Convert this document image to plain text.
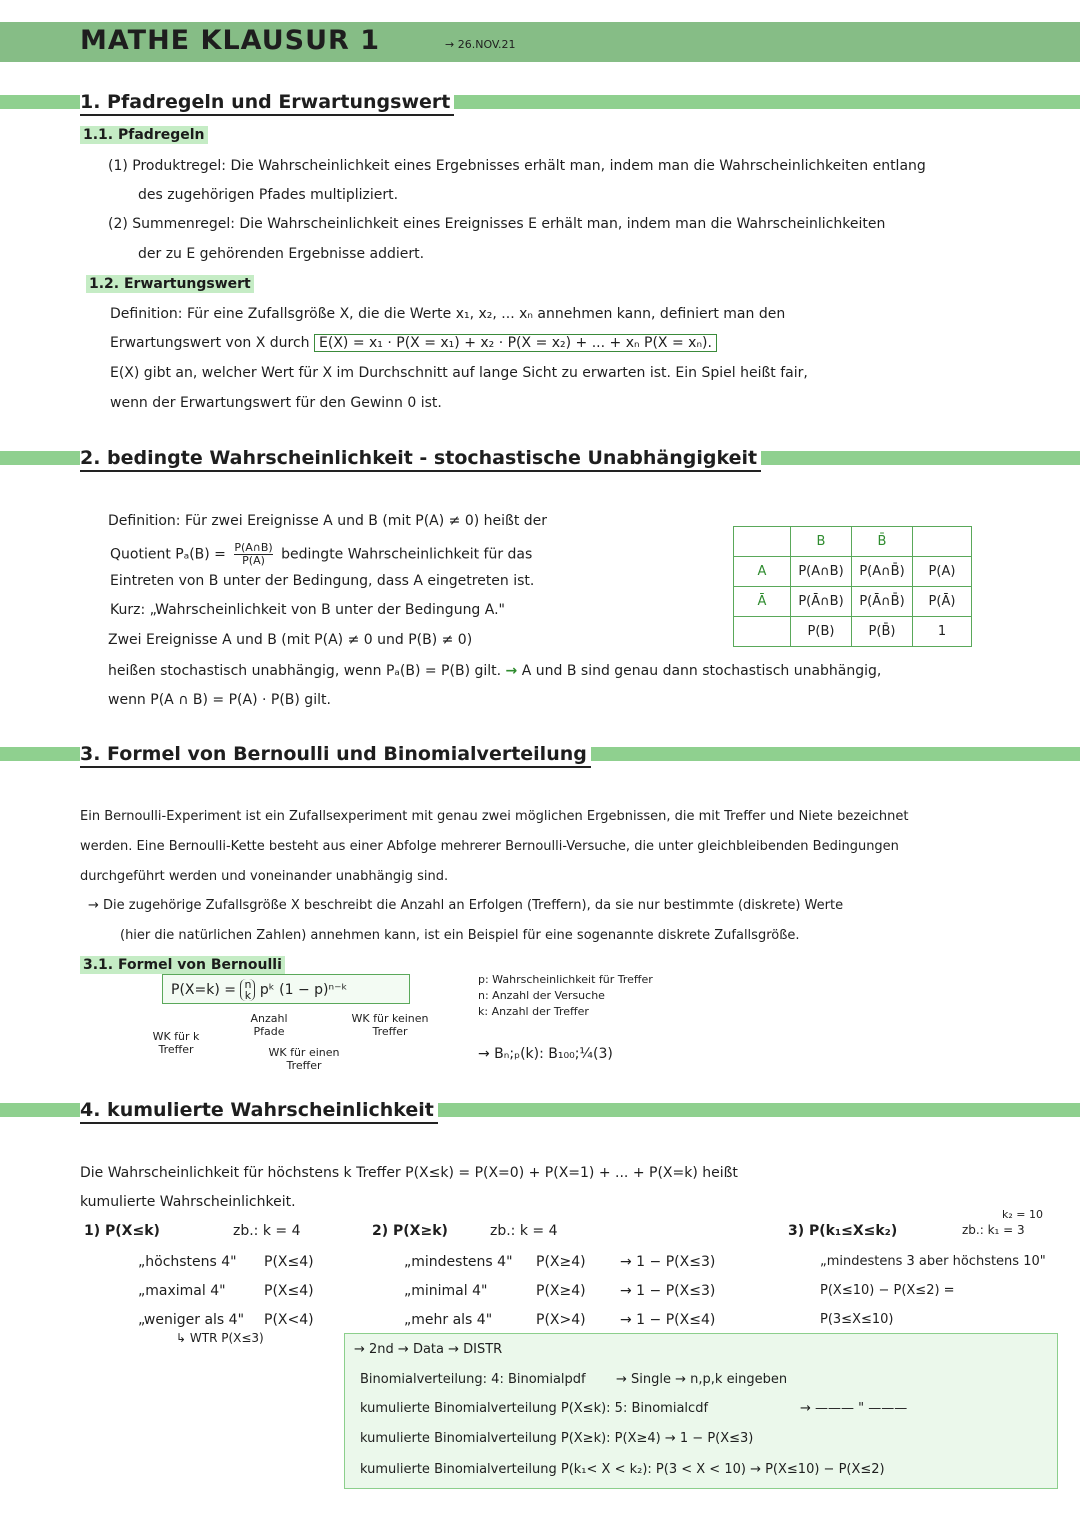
MATHE KLAUSUR 1	→ 26.NOV.21
1. Pfadregeln und Erwartungswert
1.1. Pfadregeln
(1) Produktregel: Die Wahrscheinlichkeit eines Ergebnisses erhält man, indem man die Wahrscheinlichkeiten entlang
des zugehörigen Pfades multipliziert.
(2) Summenregel: Die Wahrscheinlichkeit eines Ereignisses E erhält man, indem man die Wahrscheinlichkeiten
der zu E gehörenden Ergebnisse addiert.
1.2. Erwartungswert
Definition: Für eine Zufallsgröße X, die die Werte x₁, x₂, ... xₙ annehmen kann, definiert man den
Erwartungswert von X durch E(X) = x₁ · P(X = x₁) + x₂ · P(X = x₂) + ... + xₙ P(X = xₙ).
E(X) gibt an, welcher Wert für X im Durchschnitt auf lange Sicht zu erwarten ist. Ein Spiel heißt fair,
wenn der Erwartungswert für den Gewinn 0 ist.
2. bedingte Wahrscheinlichkeit - stochastische Unabhängigkeit
Definition: Für zwei Ereignisse A und B (mit P(A) ≠ 0) heißt der
Quotient $P_a(B) = \frac{P(A\cap B)}{P(A)}$ bedingte Wahrscheinlichkeit für das
Eintreten von B unter der Bedingung, dass A eingetreten ist.
Kurz: „Wahrscheinlichkeit von B unter der Bedingung A."
Zwei Ereignisse A und B (mit P(A) ≠ 0 und P(B) ≠ 0)
heißen stochastisch unabhängig, wenn Pₐ(B) = P(B) gilt. → A und B sind genau dann stochastisch unabhängig,
wenn P(A ∩ B) = P(A) · P(B) gilt.
	B	B̄	
A	P(A∩B)	P(A∩B̄)	P(A)
Ā	P(Ā∩B)	P(Ā∩B̄)	P(Ā)
	P(B)	P(B̄)	1
3. Formel von Bernoulli und Binomialverteilung
Ein Bernoulli-Experiment ist ein Zufallsexperiment mit genau zwei möglichen Ergebnissen, die mit Treffer und Niete bezeichnet
werden. Eine Bernoulli-Kette besteht aus einer Abfolge mehrerer Bernoulli-Versuche, die unter gleichbleibenden Bedingungen
durchgeführt werden und voneinander unabhängig sind.
→ Die zugehörige Zufallsgröße X beschreibt die Anzahl an Erfolgen (Treffern), da sie nur bestimmte (diskrete) Werte
(hier die natürlichen Zahlen) annehmen kann, ist ein Beispiel für eine sogenannte diskrete Zufallsgröße.
3.1. Formel von Bernoulli
P(X=k) = n
k pᵏ (1 − p)ⁿ⁻ᵏ
Anzahl Pfade
WK für keinen Treffer
WK für k Treffer	WK für einen Treffer
p: Wahrscheinlichkeit für Treffer
n: Anzahl der Versuche
k: Anzahl der Treffer
→ Bₙ;ₚ(k): B₁₀₀;¼(3)
4. kumulierte Wahrscheinlichkeit
Die Wahrscheinlichkeit für höchstens k Treffer P(X≤k) = P(X=0) + P(X=1) + ... + P(X=k) heißt
kumulierte Wahrscheinlichkeit.
1) P(X≤k)	zb.: k = 4
„höchstens 4" P(X≤4)
„maximal 4"	P(X≤4)
„weniger als 4" P(X<4)
↳ WTR P(X≤3)
2) P(X≥k)	zb.: k = 4
„mindestens 4" P(X≥4) → 1 − P(X≤3)
„minimal 4"	P(X≥4) → 1 − P(X≤3)
„mehr als 4"	P(X>4) → 1 − P(X≤4)
3) P(k₁≤X≤k₂)
k₂ = 10
zb.: k₁ = 3
„mindestens 3 aber höchstens 10"
P(X≤10) − P(X≤2) =
P(3≤X≤10)
→ 2nd → Data → DISTR
Binomialverteilung: 4: Binomialpdf → Single → n,p,k eingeben
kumulierte Binomialverteilung P(X≤k): 5: Binomialcdf	→ ——— " ———
kumulierte Binomialverteilung P(X≥k): P(X≥4) → 1 − P(X≤3)
kumulierte Binomialverteilung P(k₁< X < k₂): P(3 < X < 10) → P(X≤10) − P(X≤2)
